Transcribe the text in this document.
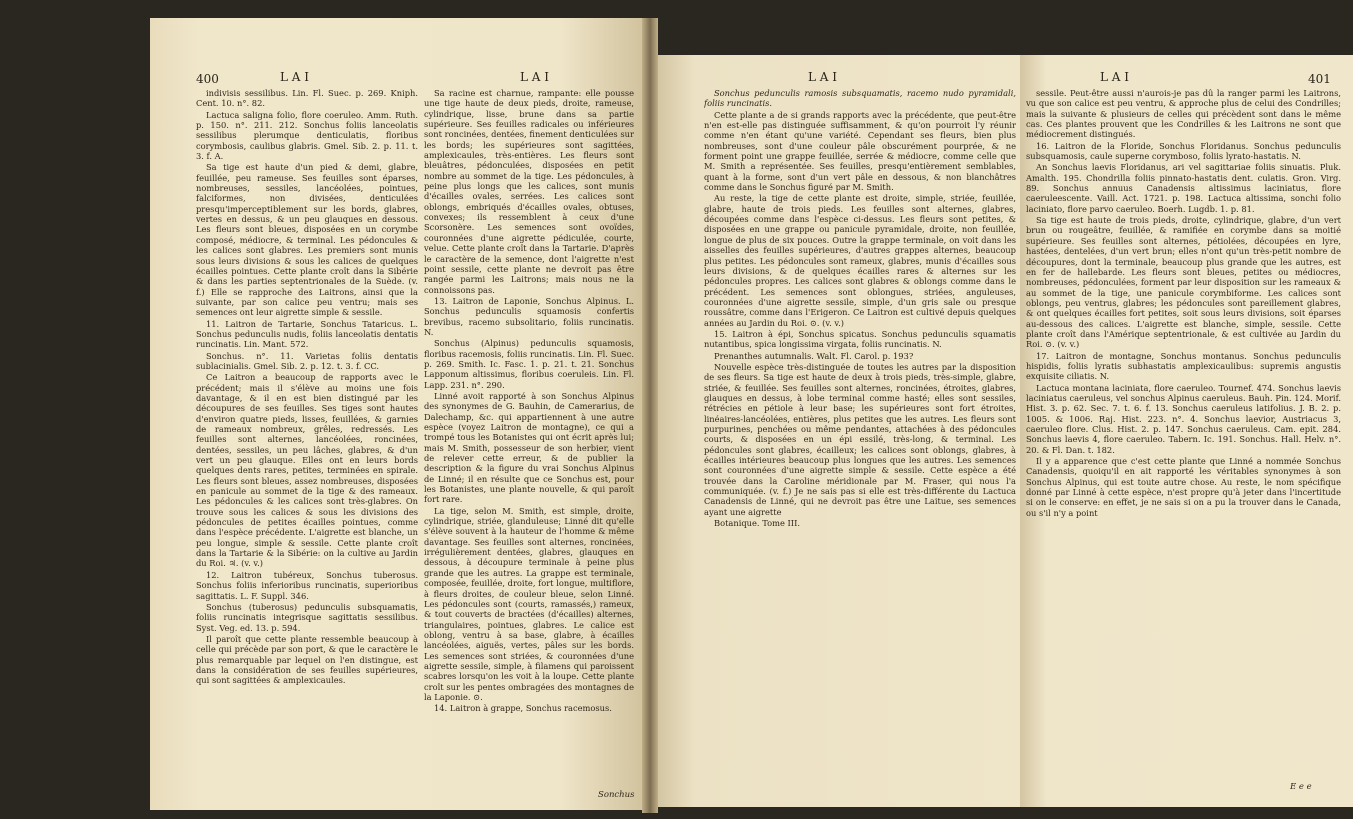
400	L A I	L A I	L A I	L A I	401

indivisis sessilibus. Lin. Fl. Suec. p. 269. Kniph. Cent. 10. n°. 82.

Lactuca saligna folio, flore coeruleo. Amm. Ruth. p. 150. n°. 211. 212. Sonchus foliis lanceolatis sessilibus plerumque denticulatis, floribus corymbosis, caulibus glabris. Gmel. Sib. 2. p. 11. t. 3. f. A.

Sa tige est haute d'un pied & demi, glabre, feuillée, peu rameuse. Ses feuilles sont éparses, nombreuses, sessiles, lancéolées, pointues, falciformes, non divisées, denticulées presqu'imperceptiblement sur les bords, glabres, vertes en dessus, & un peu glauques en dessous. Les fleurs sont bleues, disposées en un corymbe composé, médiocre, & terminal. Les pédoncules & les calices sont glabres. Les premiers sont munis sous leurs divisions & sous les calices de quelques écailles pointues. Cette plante croît dans la Sibérie & dans les parties septentrionales de la Suède. (v. f.) Elle se rapproche des Laitrons, ainsi que la suivante, par son calice peu ventru; mais ses semences ont leur aigrette simple & sessile.

11. Laitron de Tartarie, Sonchus Tataricus. L. Sonchus pedunculis nudis, foliis lanceolatis dentatis runcinatis. Lin. Mant. 572.

Sonchus. n°. 11. Varietas foliis dentatis sublacinialis. Gmel. Sib. 2. p. 12. t. 3. f. CC.

Ce Laitron a beaucoup de rapports avec le précédent; mais il s'élève au moins une fois davantage, & il en est bien distingué par les découpures de ses feuilles. Ses tiges sont hautes d'environ quatre pieds, lisses, feuillées, & garnies de rameaux nombreux, grêles, redressés. Les feuilles sont alternes, lancéolées, roncinées, dentées, sessiles, un peu lâches, glabres, & d'un vert un peu glauque. Elles ont en leurs bords quelques dents rares, petites, terminées en spirale. Les fleurs sont bleues, assez nombreuses, disposées en panicule au sommet de la tige & des rameaux. Les pédoncules & les calices sont très-glabres. On trouve sous les calices & sous les divisions des pédoncules de petites écailles pointues, comme dans l'espèce précédente. L'aigrette est blanche, un peu longue, simple & sessile. Cette plante croît dans la Tartarie & la Sibérie: on la cultive au Jardin du Roi. ♃. (v. v.)

12. Laitron tubéreux, Sonchus tuberosus. Sonchus foliis inferioribus runcinatis, superioribus sagittatis. L. F. Suppl. 346.

Sonchus (tuberosus) pedunculis subsquamatis, foliis runcinatis integrisque sagittatis sessilibus. Syst. Veg. ed. 13. p. 594.

Il paroît que cette plante ressemble beaucoup à celle qui précède par son port, & que le caractère le plus remarquable par lequel on l'en distingue, est dans la considération de ses feuilles supérieures, qui sont sagittées & amplexicaules.

Sa racine est charnue, rampante: elle pousse une tige haute de deux pieds, droite, rameuse, cylindrique, lisse, brune dans sa partie supérieure. Ses feuilles radicales ou inférieures sont roncinées, dentées, finement denticulées sur les bords; les supérieures sont sagittées, amplexicaules, très-entières. Les fleurs sont bleuâtres, pédonculées, disposées en petit nombre au sommet de la tige. Les pédoncules, à peine plus longs que les calices, sont munis d'écailles ovales, serrées. Les calices sont oblongs, embriqués d'écailles ovales, obtuses, convexes; ils ressemblent à ceux d'une Scorsonère. Les semences sont ovoïdes, couronnées d'une aigrette pédiculée, courte, velue. Cette plante croît dans la Tartarie. D'après le caractère de la semence, dont l'aigrette n'est point sessile, cette plante ne devroit pas être rangée parmi les Laitrons; mais nous ne la connoissons pas.

13. Laitron de Laponie, Sonchus Alpinus. L. Sonchus pedunculis squamosis confertis brevibus, racemo subsolitario, foliis runcinatis. N.

Sonchus (Alpinus) pedunculis squamosis, floribus racemosis, foliis runcinatis. Lin. Fl. Suec. p. 269. Smith. Ic. Fasc. 1. p. 21. t. 21. Sonchus Lapponum altissimus, floribus coeruleis. Lin. Fl. Lapp. 231. n°. 290.

Linné avoit rapporté à son Sonchus Alpinus des synonymes de G. Bauhin, de Camerarius, de Dalechamp, &c. qui appartiennent à une autre espèce (voyez Laitron de montagne), ce qui a trompé tous les Botanistes qui ont écrit après lui; mais M. Smith, possesseur de son herbier, vient de relever cette erreur, & de publier la description & la figure du vrai Sonchus Alpinus de Linné; il en résulte que ce Sonchus est, pour les Botanistes, une plante nouvelle, & qui paroît fort rare.

La tige, selon M. Smith, est simple, droite, cylindrique, striée, glanduleuse; Linné dit qu'elle s'élève souvent à la hauteur de l'homme & même davantage. Ses feuilles sont alternes, roncinées, irrégulièrement dentées, glabres, glauques en dessous, à découpure terminale à peine plus grande que les autres. La grappe est terminale, composée, feuillée, droite, fort longue, multiflore, à fleurs droites, de couleur bleue, selon Linné. Les pédoncules sont (courts, ramassés,) rameux, & tout couverts de bractées (d'écailles) alternes, triangulaires, pointues, glabres. Le calice est oblong, ventru à sa base, glabre, à écailles lancéolées, aiguës, vertes, pâles sur les bords. Les semences sont striées, & couronnées d'une aigrette sessile, simple, à filamens qui paroissent scabres lorsqu'on les voit à la loupe. Cette plante croît sur les pentes ombragées des montagnes de la Laponie. ⊙.

14. Laitron à grappe, Sonchus racemosus.

Sonchus

Sonchus pedunculis ramosis subsquamatis, racemo nudo pyramidali, foliis runcinatis.

Cette plante a de si grands rapports avec la précédente, que peut-être n'en est-elle pas distinguée suffisamment, & qu'on pourroit l'y réunir comme n'en étant qu'une variété. Cependant ses fleurs, bien plus nombreuses, sont d'une couleur pâle obscurément pourprée, & ne forment point une grappe feuillée, serrée & médiocre, comme celle que M. Smith a représentée. Ses feuilles, presqu'entièrement semblables, quant à la forme, sont d'un vert pâle en dessous, & non blanchâtres comme dans le Sonchus figuré par M. Smith.

Au reste, la tige de cette plante est droite, simple, striée, feuillée, glabre, haute de trois pieds. Les feuilles sont alternes, glabres, découpées comme dans l'espèce ci-dessus. Les fleurs sont petites, & disposées en une grappe ou panicule pyramidale, droite, non feuillée, longue de plus de six pouces. Outre la grappe terminale, on voit dans les aisselles des feuilles supérieures, d'autres grappes alternes, beaucoup plus petites. Les pédoncules sont rameux, glabres, munis d'écailles sous leurs divisions, & de quelques écailles rares & alternes sur les pédoncules propres. Les calices sont glabres & oblongs comme dans le précédent. Les semences sont oblongues, striées, anguleuses, couronnées d'une aigrette sessile, simple, d'un gris sale ou presque roussâtre, comme dans l'Erigeron. Ce Laitron est cultivé depuis quelques années au Jardin du Roi. ⊙. (v. v.)

15. Laitron à épi, Sonchus spicatus. Sonchus pedunculis squamatis nutantibus, spica longissima virgata, foliis runcinatis. N.

Prenanthes autumnalis. Walt. Fl. Carol. p. 193?

Nouvelle espèce très-distinguée de toutes les autres par la disposition de ses fleurs. Sa tige est haute de deux à trois pieds, très-simple, glabre, striée, & feuillée. Ses feuilles sont alternes, roncinées, étroites, glabres, glauques en dessus, à lobe terminal comme hasté; elles sont sessiles, rétrécies en pétiole à leur base; les supérieures sont fort étroites, linéaires-lancéolées, entières, plus petites que les autres. Les fleurs sont purpurines, penchées ou même pendantes, attachées à des pédoncules courts, & disposées en un épi essilé, très-long, & terminal. Les pédoncules sont glabres, écailleux; les calices sont oblongs, glabres, à écailles intérieures beaucoup plus longues que les autres. Les semences sont couronnées d'une aigrette simple & sessile. Cette espèce a été trouvée dans la Caroline méridionale par M. Fraser, qui nous l'a communiquée. (v. f.) Je ne sais pas si elle est très-différente du Lactuca Canadensis de Linné, qui ne devroit pas être une Laitue, ses semences ayant une aigrette

Botanique. Tome III.

sessile. Peut-être aussi n'aurois-je pas dû la ranger parmi les Laitrons, vu que son calice est peu ventru, & approche plus de celui des Condrilles; mais la suivante & plusieurs de celles qui précèdent sont dans le même cas. Ces plantes prouvent que les Condrilles & les Laitrons ne sont que médiocrement distingués.

16. Laitron de la Floride, Sonchus Floridanus. Sonchus pedunculis subsquamosis, caule superne corymboso, foliis lyrato-hastatis. N.

An Sonchus laevis Floridanus, ari vel sagittariae foliis sinuatis. Pluk. Amalth. 195. Chondrilla foliis pinnato-hastatis dent. culatis. Gron. Virg. 89. Sonchus annuus Canadensis altissimus laciniatus, flore caeruleescente. Vaill. Act. 1721. p. 198. Lactuca altissima, sonchi folio laciniato, flore parvo caeruleo. Boerh. Lugdb. 1. p. 81.

Sa tige est haute de trois pieds, droite, cylindrique, glabre, d'un vert brun ou rougeâtre, feuillée, & ramifiée en corymbe dans sa moitié supérieure. Ses feuilles sont alternes, pétiolées, découpées en lyre, hastées, dentelées, d'un vert brun; elles n'ont qu'un très-petit nombre de découpures, dont la terminale, beaucoup plus grande que les autres, est en fer de hallebarde. Les fleurs sont bleues, petites ou médiocres, nombreuses, pédonculées, forment par leur disposition sur les rameaux & au sommet de la tige, une panicule corymbiforme. Les calices sont oblongs, peu ventrus, glabres; les pédoncules sont pareillement glabres, & ont quelques écailles fort petites, soit sous leurs divisions, soit éparses au-dessous des calices. L'aigrette est blanche, simple, sessile. Cette plante croît dans l'Amérique septentrionale, & est cultivée au Jardin du Roi. ⊙. (v. v.)

17. Laitron de montagne, Sonchus montanus. Sonchus pedunculis hispidis, foliis lyratis subhastatis amplexicaulibus: supremis angustis exquisite ciliatis. N.

Lactuca montana laciniata, flore caeruleo. Tournef. 474. Sonchus laevis laciniatus caeruleus, vel sonchus Alpinus caeruleus. Bauh. Pin. 124. Morif. Hist. 3. p. 62. Sec. 7. t. 6. f. 13. Sonchus caeruleus latifolius. J. B. 2. p. 1005. & 1006. Raj. Hist. 223. n°. 4. Sonchus laevior, Austriacus 3, caeruleo flore. Clus. Hist. 2. p. 147. Sonchus caeruleus. Cam. epit. 284. Sonchus laevis 4, flore caeruleo. Tabern. Ic. 191. Sonchus. Hall. Helv. n°. 20. & Fl. Dan. t. 182.

Il y a apparence que c'est cette plante que Linné a nommée Sonchus Canadensis, quoiqu'il en ait rapporté les véritables synonymes à son Sonchus Alpinus, qui est toute autre chose. Au reste, le nom spécifique donné par Linné à cette espèce, n'est propre qu'à jeter dans l'incertitude si on le conserve: en effet, je ne sais si on a pu la trouver dans le Canada, ou s'il n'y a point

E e e
